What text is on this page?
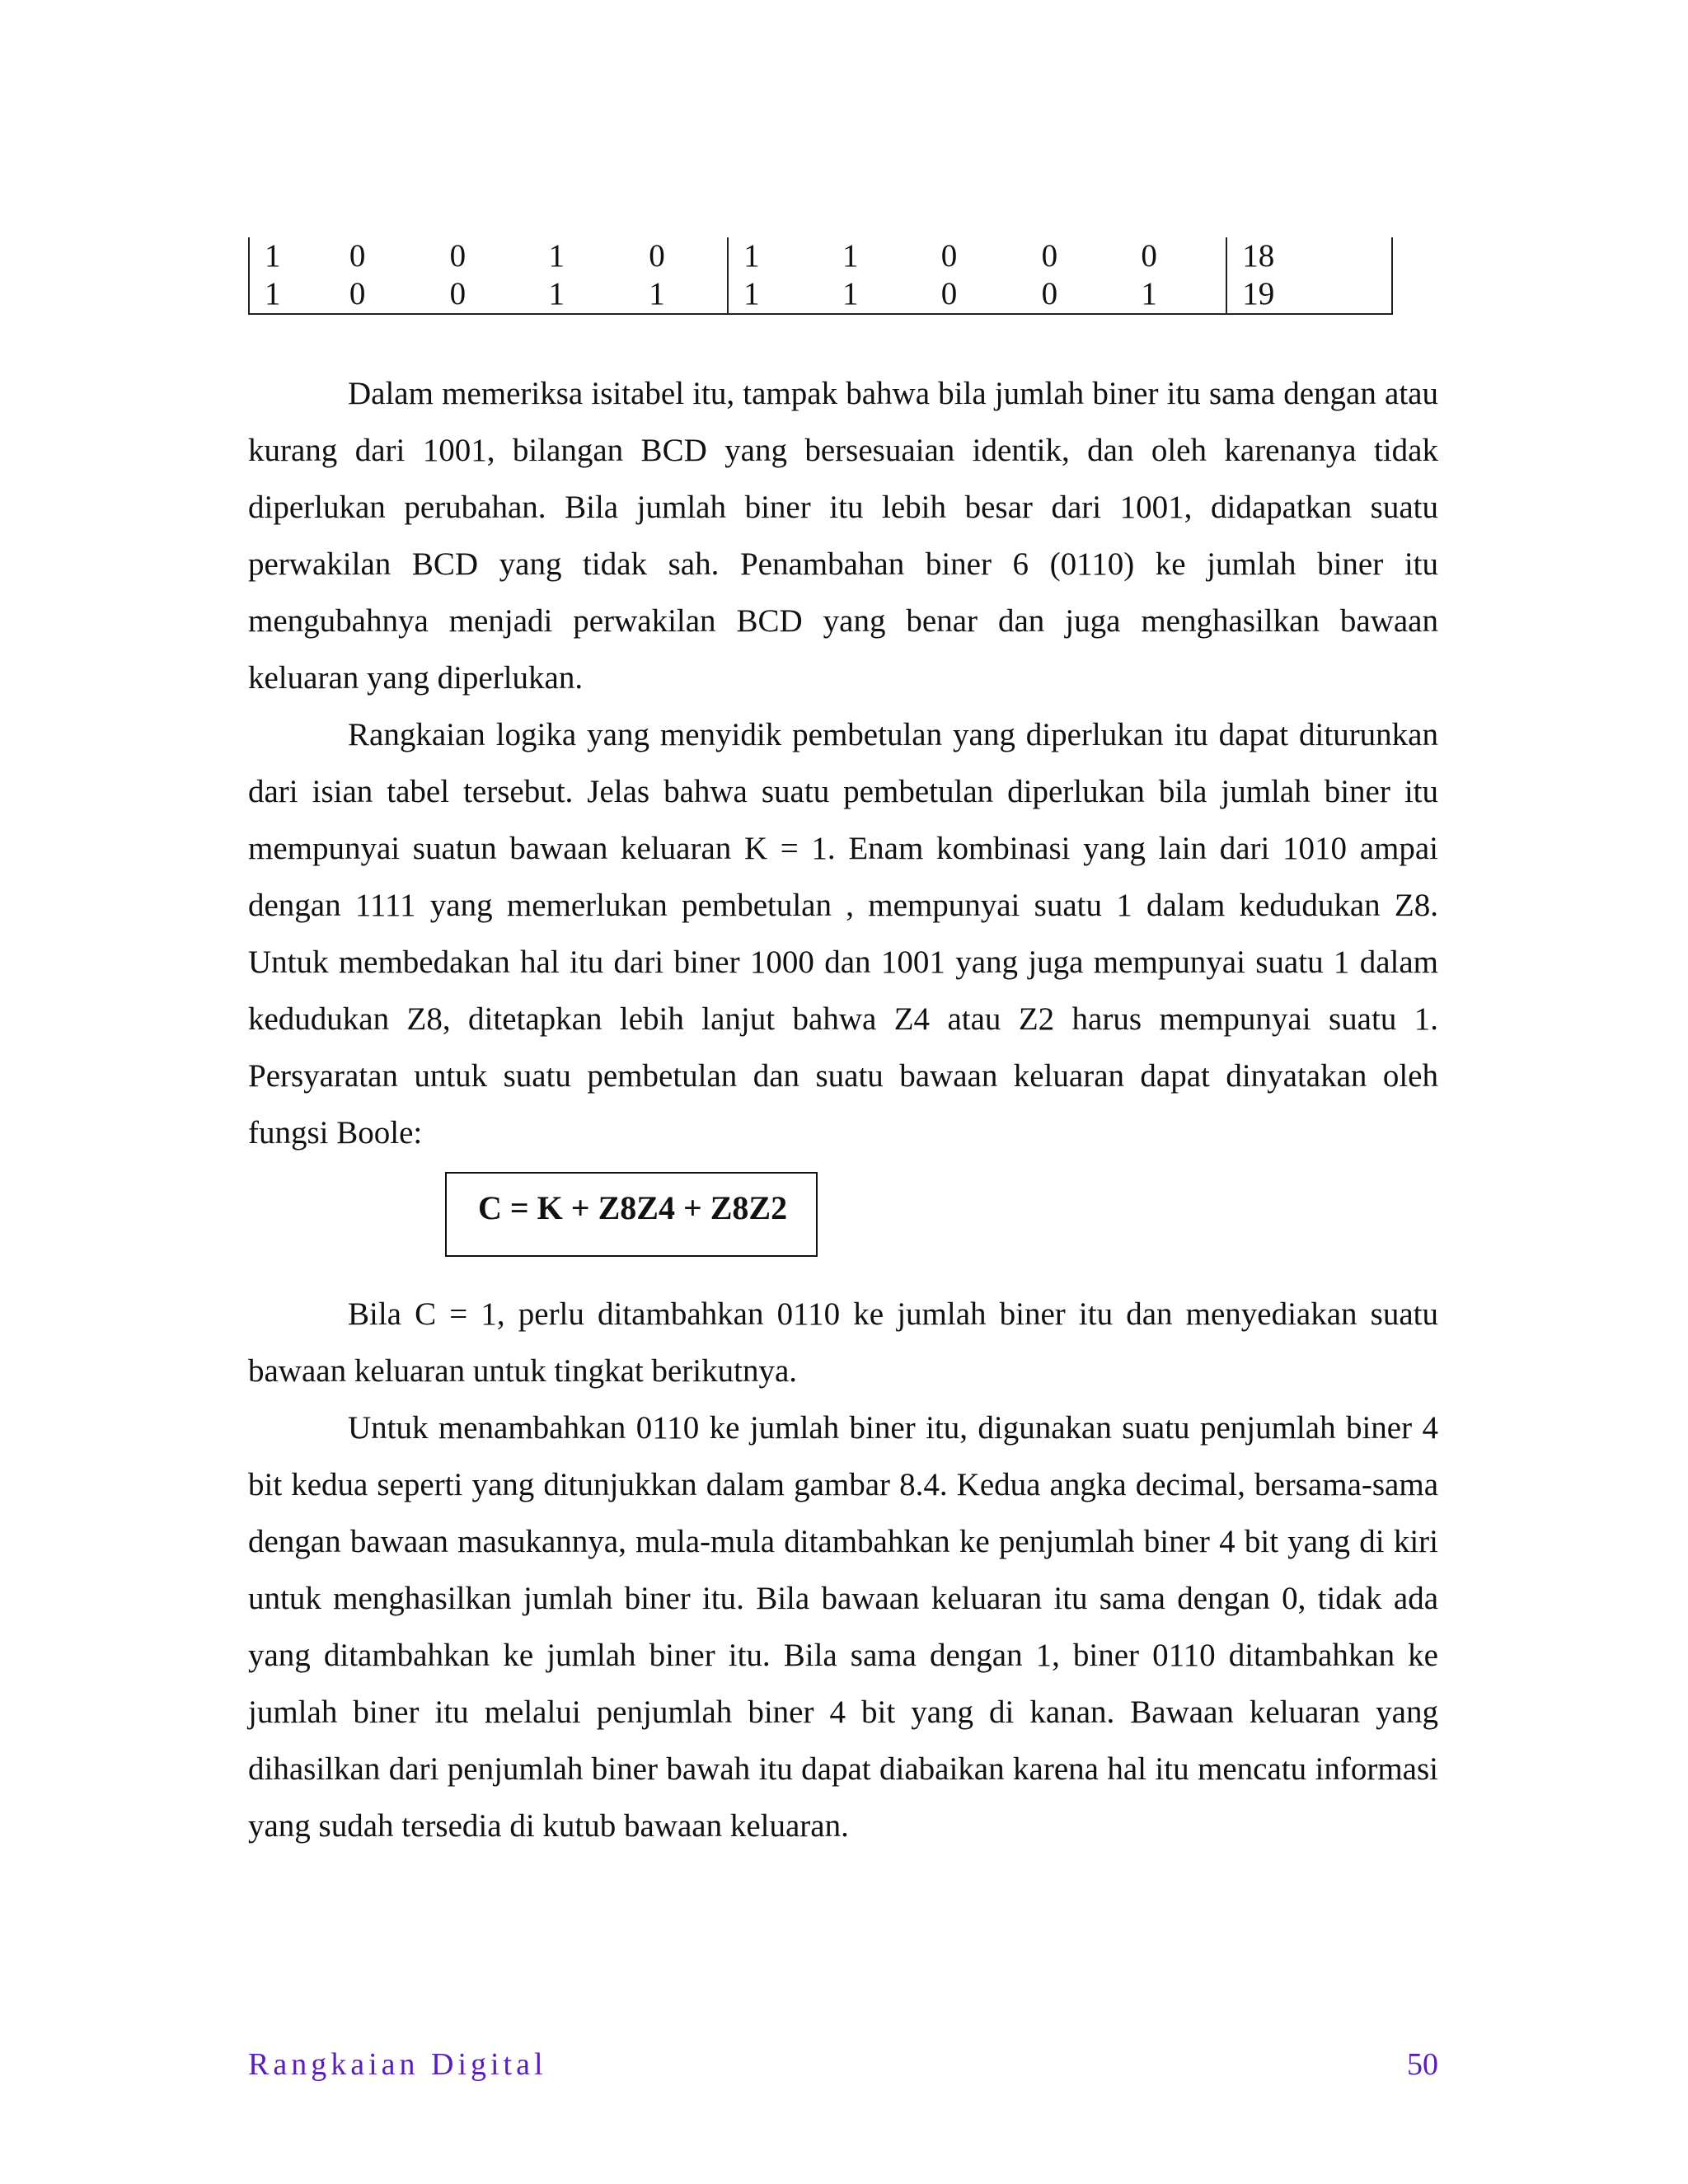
1	0	0	1	0	1	1	0	0	0	18
1	0	0	1	1	1	1	0	0	1	19

Dalam memeriksa isitabel itu, tampak bahwa bila jumlah biner itu sama dengan atau kurang dari 1001, bilangan BCD yang bersesuaian identik, dan oleh karenanya tidak diperlukan perubahan. Bila jumlah biner itu lebih besar dari 1001, didapatkan suatu perwakilan BCD yang tidak sah. Penambahan biner 6 (0110) ke jumlah biner itu mengubahnya menjadi perwakilan BCD yang benar dan juga menghasilkan bawaan keluaran yang diperlukan.

Rangkaian logika yang menyidik pembetulan yang diperlukan itu dapat diturunkan dari isian tabel tersebut. Jelas bahwa suatu pembetulan diperlukan bila jumlah biner itu mempunyai suatun bawaan keluaran K = 1. Enam kombinasi yang lain dari 1010 ampai dengan 1111 yang memerlukan pembetulan , mempunyai suatu 1 dalam kedudukan Z8. Untuk membedakan hal itu dari biner 1000 dan 1001 yang juga mempunyai suatu 1 dalam kedudukan Z8, ditetapkan lebih lanjut bahwa Z4 atau Z2 harus mempunyai suatu 1. Persyaratan untuk suatu pembetulan dan suatu bawaan keluaran dapat dinyatakan oleh fungsi Boole:

C = K + Z8Z4 + Z8Z2

Bila C = 1, perlu ditambahkan 0110 ke jumlah biner itu dan menyediakan suatu bawaan keluaran untuk tingkat berikutnya.

Untuk menambahkan 0110 ke jumlah biner itu, digunakan suatu penjumlah biner 4 bit kedua seperti yang ditunjukkan dalam gambar 8.4. Kedua angka decimal, bersama-sama dengan bawaan masukannya, mula-mula ditambahkan ke penjumlah biner 4 bit yang di kiri untuk menghasilkan jumlah biner itu. Bila bawaan keluaran itu sama dengan 0, tidak ada yang ditambahkan ke jumlah biner itu. Bila sama dengan 1, biner 0110 ditambahkan ke jumlah biner itu melalui penjumlah biner 4 bit yang di kanan. Bawaan keluaran yang dihasilkan dari penjumlah biner bawah itu dapat diabaikan karena hal itu mencatu informasi yang sudah tersedia di kutub bawaan keluaran.

Rangkaian Digital	50
